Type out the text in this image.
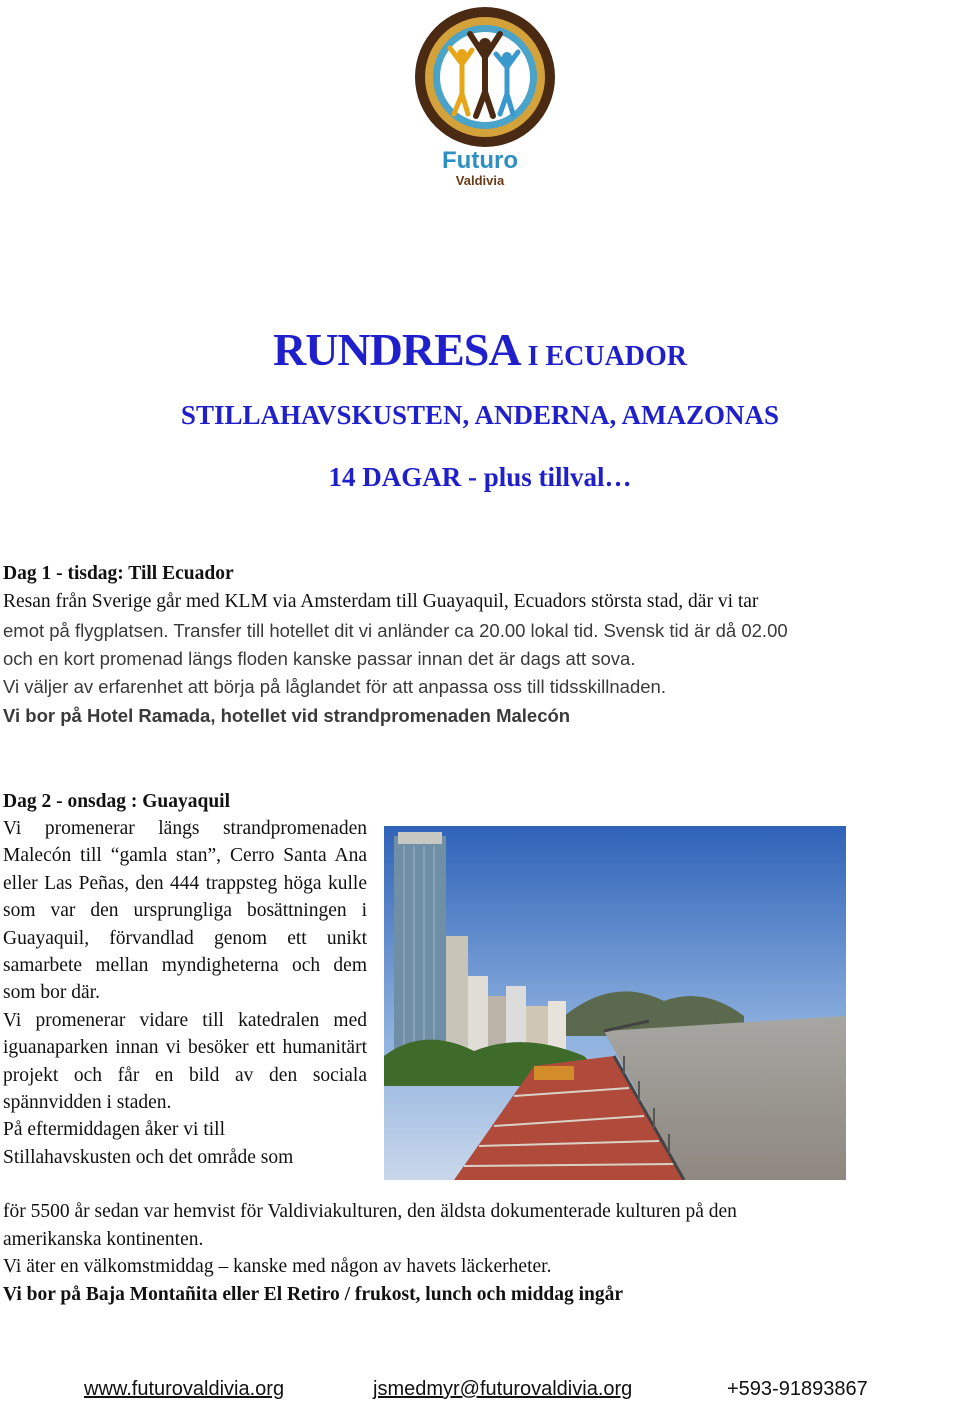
Futuro
Valdivia
RUNDRESA I ECUADOR
STILLAHAVSKUSTEN, ANDERNA, AMAZONAS
14 DAGAR - plus tillval…
Dag 1 - tisdag: Till Ecuador
Resan från Sverige går med KLM via Amsterdam till Guayaquil, Ecuadors största stad, där vi tar
emot på flygplatsen. Transfer till hotellet dit vi anländer ca 20.00 lokal tid. Svensk tid är då 02.00
och en kort promenad längs floden kanske passar innan det är dags att sova.
Vi väljer av erfarenhet att börja på låglandet för att anpassa oss till tidsskillnaden.
Vi bor på Hotel Ramada, hotellet vid strandpromenaden Malecón
Dag 2 - onsdag : Guayaquil
Vi promenerar längs strandpromenaden Malecón till “gamla stan”, Cerro Santa Ana eller Las Peñas, den 444 trappsteg höga kulle som var den ursprungliga bosättningen i Guayaquil, förvandlad genom ett unikt samarbete mellan myndigheterna och dem som bor där.
Vi promenerar vidare till katedralen med iguanaparken innan vi besöker ett humanitärt projekt och får en bild av den sociala spännvidden i staden.
På eftermiddagen åker vi till
Stillahavskusten och det område som
för 5500 år sedan var hemvist för Valdiviakulturen, den äldsta dokumenterade kulturen på den
amerikanska kontinenten.
Vi äter en välkomstmiddag – kanske med någon av havets läckerheter.
Vi bor på Baja Montañita eller El Retiro / frukost, lunch och middag ingår
www.futurovaldivia.org	jsmedmyr@futurovaldivia.org	+593-91893867
